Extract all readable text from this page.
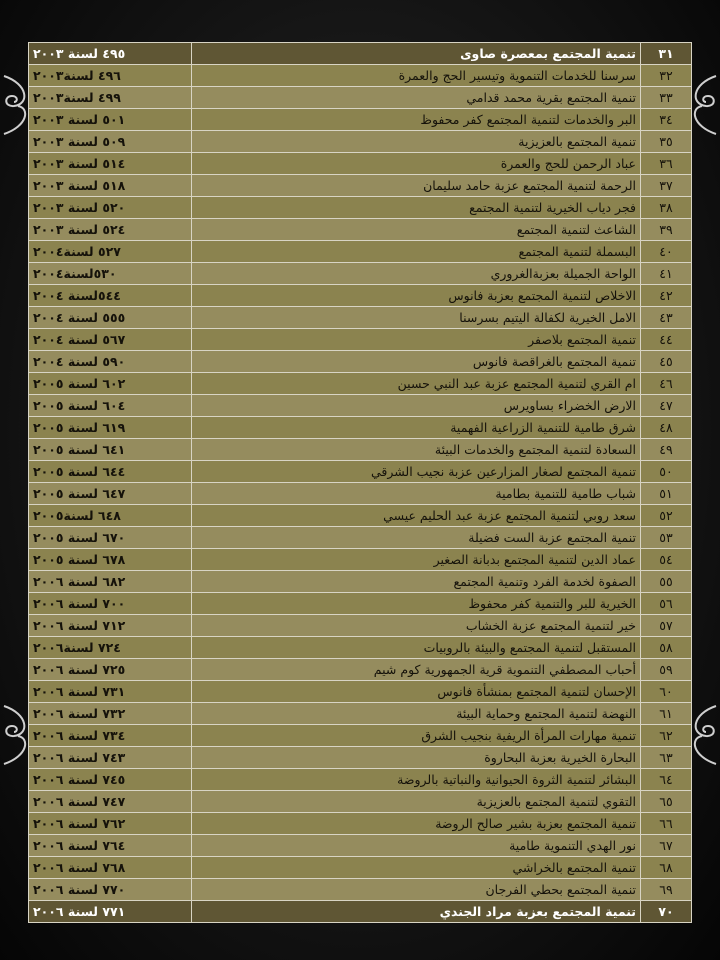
٣١	تنمية المجتمع بمعصرة صاوى	٤٩٥ لسنة ٢٠٠٣
٣٢	سرسنا للخدمات التنموية وتيسير الحج والعمرة	٤٩٦ لسنة٢٠٠٣
٣٣	تنمية المجتمع بقرية محمد قدامي	٤٩٩ لسنة٢٠٠٣
٣٤	البر والخدمات لتنمية المجتمع كفر محفوظ	٥٠١ لسنة ٢٠٠٣
٣٥	تنمية المجتمع بالعزيزية	٥٠٩ لسنة ٢٠٠٣
٣٦	عباد الرحمن للحج والعمرة	٥١٤ لسنة ٢٠٠٣
٣٧	الرحمة لتنمية المجتمع عزبة حامد سليمان	٥١٨ لسنة ٢٠٠٣
٣٨	فجر دياب الخيرية لتنمية المجتمع	٥٢٠ لسنة ٢٠٠٣
٣٩	الشاعث لتنمية المجتمع	٥٢٤ لسنة ٢٠٠٣
٤٠	البسملة لتنمية المجتمع	٥٢٧ لسنة٢٠٠٤
٤١	الواحة الجميلة بعزبةالغروري	٥٣٠لسنة٢٠٠٤
٤٢	الاخلاص لتنمية المجتمع بعزبة فانوس	٥٤٤لسنة ٢٠٠٤
٤٣	الامل الخيرية لكفالة اليتيم بسرسنا	٥٥٥ لسنة ٢٠٠٤
٤٤	تنمية المجتمع بلاصفر	٥٦٧ لسنة ٢٠٠٤
٤٥	تنمية المجتمع بالغراقصة فانوس	٥٩٠ لسنة ٢٠٠٤
٤٦	ام القري لتنمية المجتمع عزبة عبد النبي حسين	٦٠٢ لسنة ٢٠٠٥
٤٧	الارض الخضراء بساويرس	٦٠٤ لسنة ٢٠٠٥
٤٨	شرق طامية للتنمية الزراعية الفهمية	٦١٩ لسنة ٢٠٠٥
٤٩	السعادة لتنمية المجتمع والخدمات البيئة	٦٤١ لسنة ٢٠٠٥
٥٠	تنمية المجتمع لصغار المزارعين عزبة نجيب الشرقي	٦٤٤ لسنة ٢٠٠٥
٥١	شباب طامية للتنمية بطامية	٦٤٧ لسنة ٢٠٠٥
٥٢	سعد روبي لتنمية المجتمع عزبة عبد الحليم عيسي	٦٤٨ لسنة٢٠٠٥
٥٣	تنمية المجتمع عزبة الست فضيلة	٦٧٠ لسنة ٢٠٠٥
٥٤	عماد الدين لتنمية المجتمع بدبانة الصغير	٦٧٨ لسنة ٢٠٠٥
٥٥	الصفوة لخدمة الفرد وتنمية المجتمع	٦٨٢ لسنة ٢٠٠٦
٥٦	الخيرية للبر والتنمية كفر محفوظ	٧٠٠ لسنة ٢٠٠٦
٥٧	خير لتنمية المجتمع عزبة الخشاب	٧١٢ لسنة ٢٠٠٦
٥٨	المستقبل لتنمية المجتمع والبيئة بالروبيات	٧٢٤ لسنة٢٠٠٦
٥٩	أحباب المصطفي التنموية قرية الجمهورية كوم شيم	٧٢٥ لسنة ٢٠٠٦
٦٠	الإحسان لتنمية المجتمع بمنشأة فانوس	٧٣١ لسنة ٢٠٠٦
٦١	النهضة لتنمية المجتمع وحماية البيئة	٧٣٢ لسنة ٢٠٠٦
٦٢	تنمية مهارات المرأة الريفية بنجيب الشرق	٧٣٤ لسنة ٢٠٠٦
٦٣	البحارة الخيرية بعزبة البحاروة	٧٤٣ لسنة ٢٠٠٦
٦٤	البشائر لتنمية الثروة الحيوانية والنباتية بالروضة	٧٤٥ لسنة ٢٠٠٦
٦٥	التقوي لتنمية المجتمع بالعزيزية	٧٤٧ لسنة ٢٠٠٦
٦٦	تنمية المجتمع بعزبة بشير صالح الروضة	٧٦٢ لسنة ٢٠٠٦
٦٧	نور الهدي التنموية طامية	٧٦٤ لسنة ٢٠٠٦
٦٨	تنمية المجتمع بالخراشي	٧٦٨ لسنة ٢٠٠٦
٦٩	تنمية المجتمع بحطي الفرجان	٧٧٠ لسنة ٢٠٠٦
٧٠	تنمية المجتمع بعزبة مراد الجندي	٧٧١ لسنة ٢٠٠٦
